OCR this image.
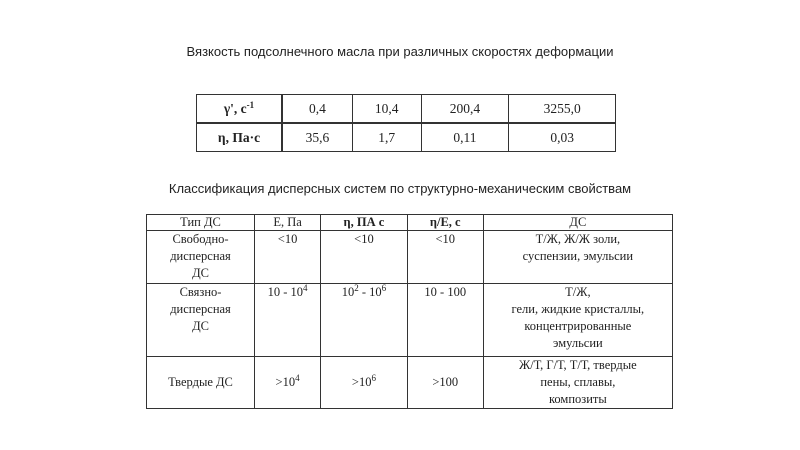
Вязкость подсолнечного масла при различных скоростях деформации
γ', $с^{-1}$	0,4	10,4	200,4	3255,0
η, Па·с	35,6	1,7	0,11	0,03
Классификация дисперсных систем по структурно-механическим свойствам
Тип ДС	Е, Па	η, ПА с	η/Е, с	ДС

Свободно-
дисперсная
ДС	<10	<10	<10	Т/Ж, Ж/Ж золи,
суспензии, эмульсии

Связно-
дисперсная
ДС	$10 - 10^4$	$10^2 - 10^6$	10 - 100	Т/Ж,
гели, жидкие кристаллы,
концентрированные
эмульсии

Твердые ДС	$>10^4$	$>10^6$	>100	Ж/Т, Г/Т, Т/Т, твердые
пены, сплавы,
композиты
